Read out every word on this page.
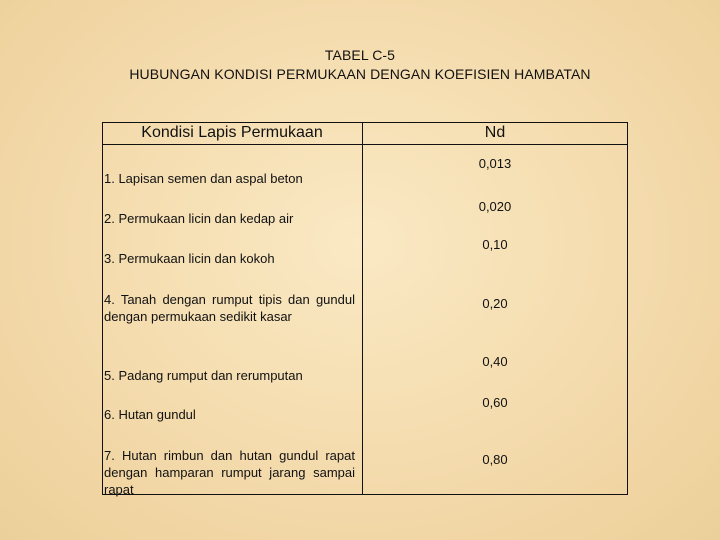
TABEL C-5
HUBUNGAN KONDISI PERMUKAAN DENGAN KOEFISIEN HAMBATAN
Kondisi Lapis Permukaan	Nd
1. Lapisan semen dan aspal beton
0,013
2. Permukaan licin dan kedap air
0,020
3. Permukaan licin dan kokoh
0,10
4. Tanah dengan rumput tipis dan gundul dengan permukaan sedikit kasar
0,20
5. Padang rumput dan rerumputan
0,40
6. Hutan gundul
0,60
7. Hutan rimbun dan hutan gundul rapat dengan hamparan rumput jarang sampai rapat
0,80
